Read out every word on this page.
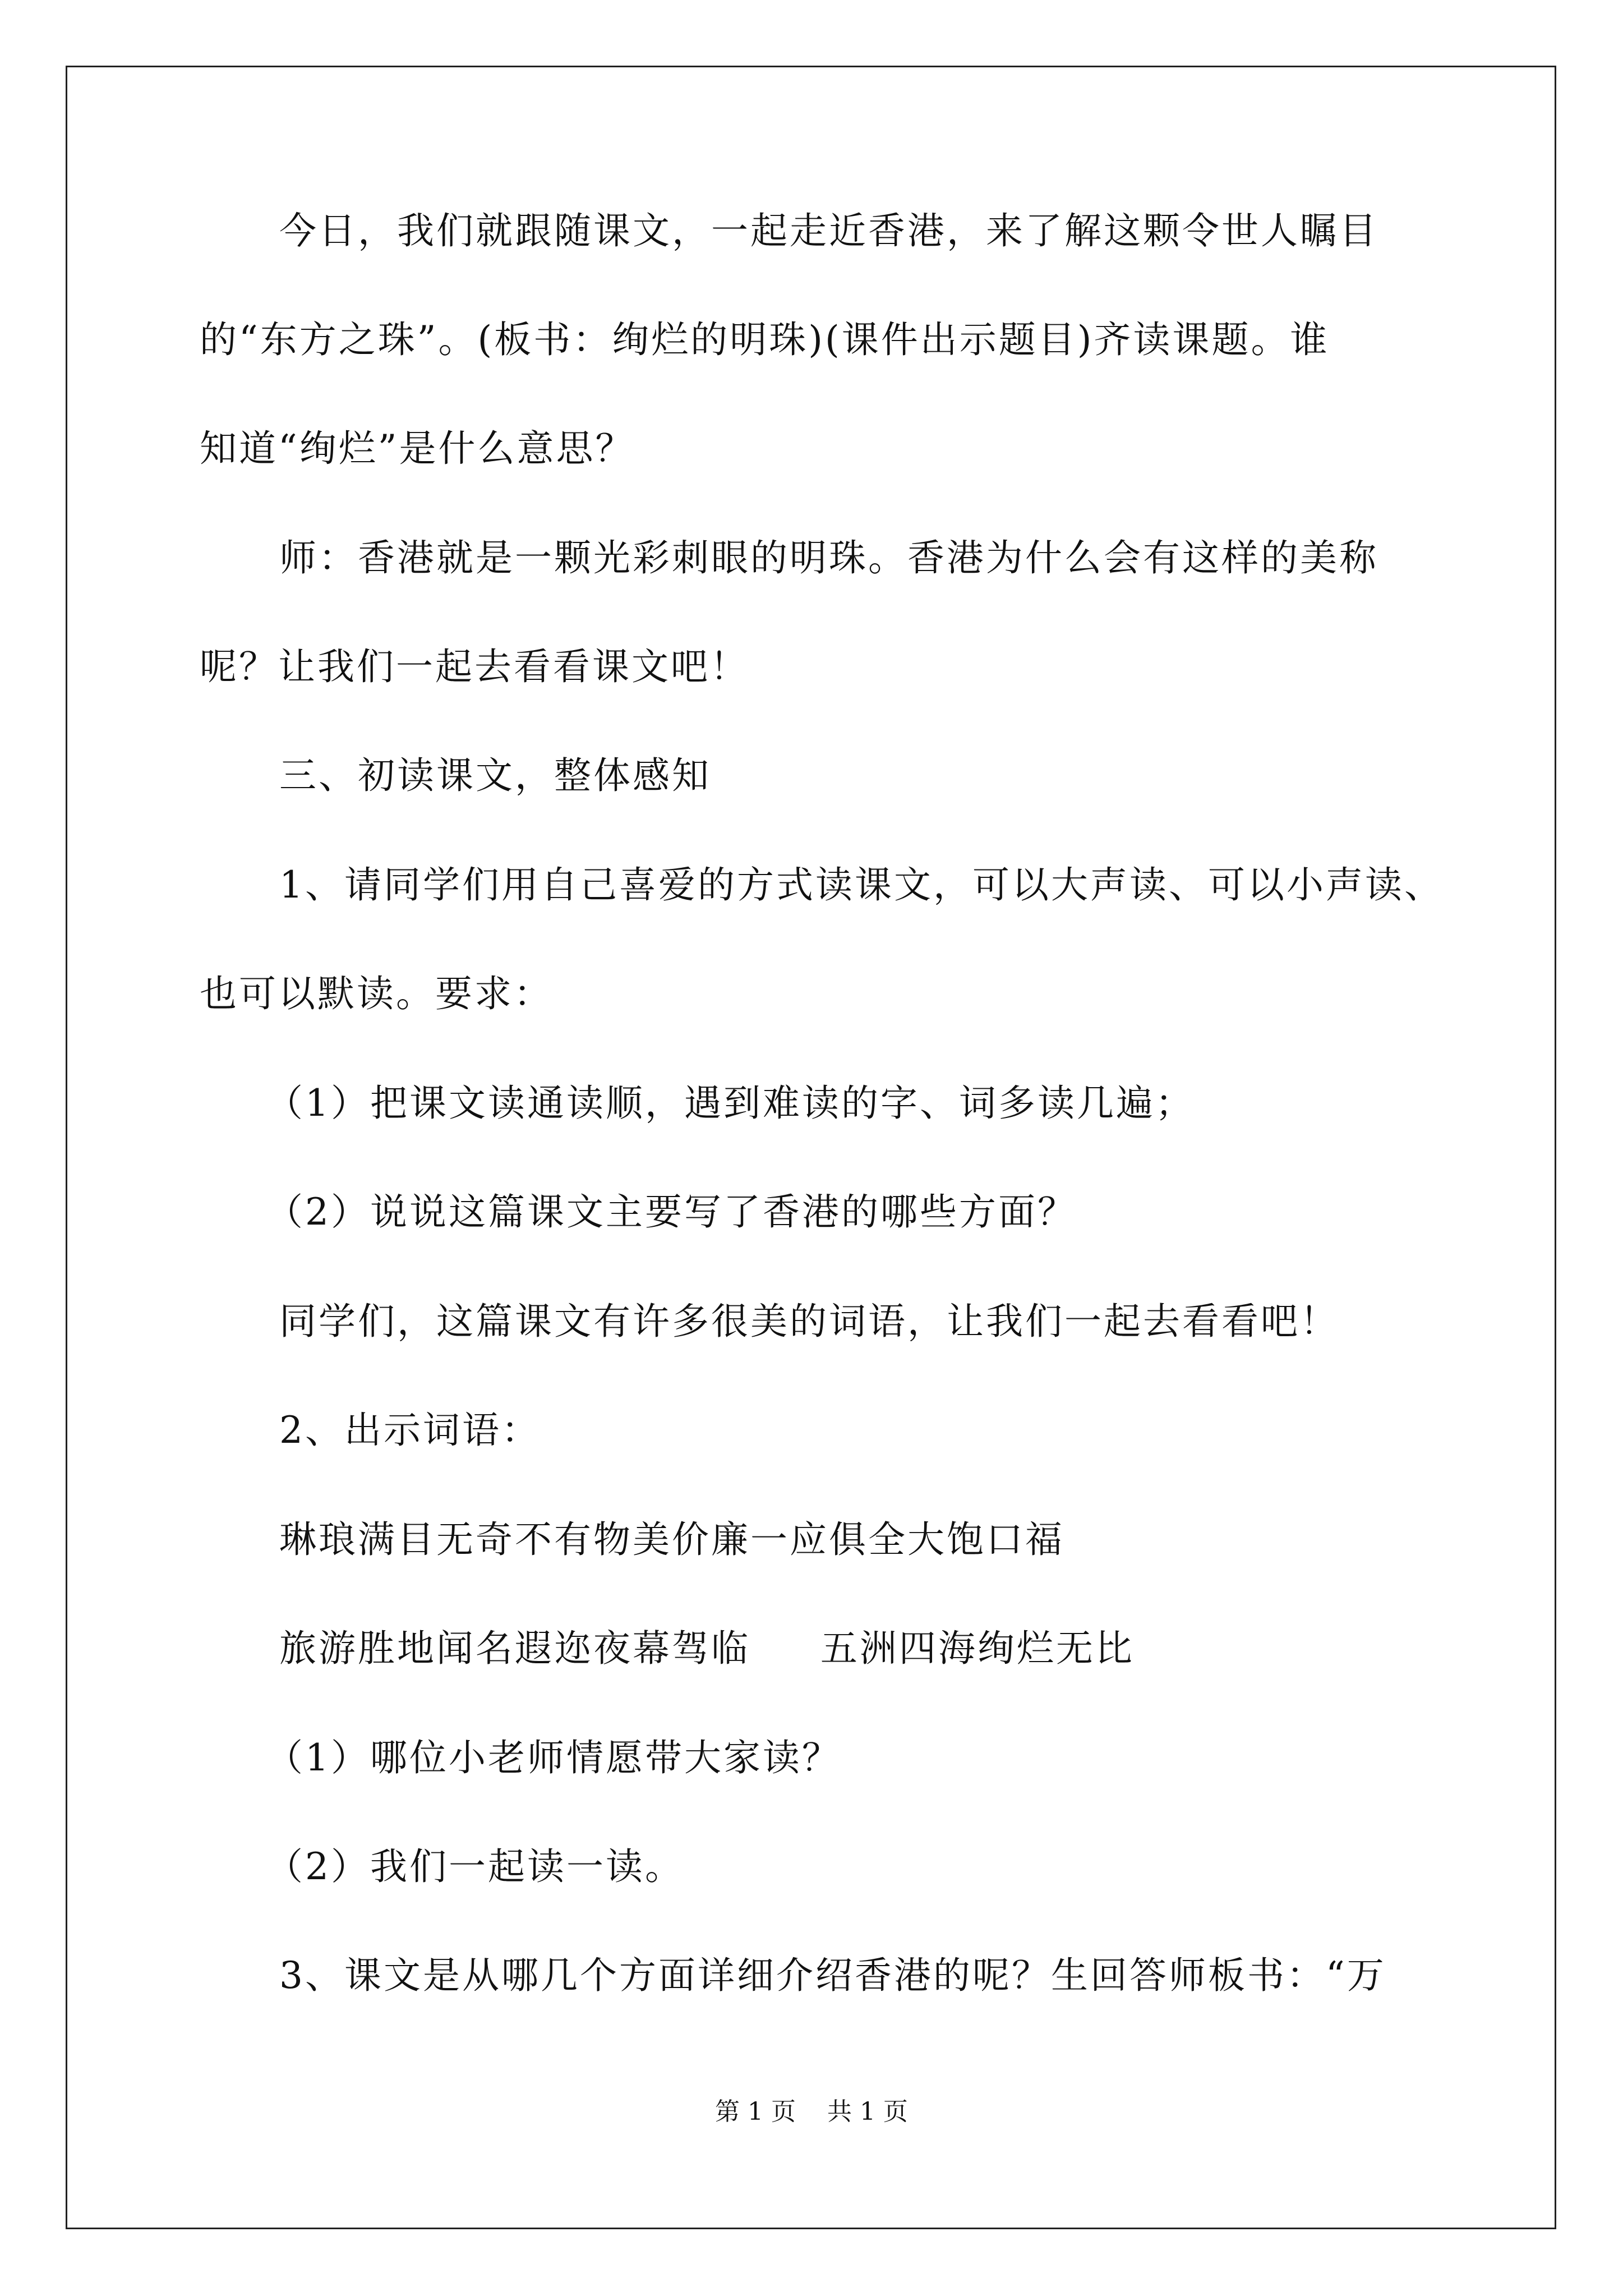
今日，我们就跟随课文，一起走近香港，来了解这颗令世人瞩目
的“东方之珠”。(板书：绚烂的明珠)(课件出示题目)齐读课题。谁
知道“绚烂”是什么意思？
师：香港就是一颗光彩刺眼的明珠。香港为什么会有这样的美称
呢？让我们一起去看看课文吧！
三、初读课文，整体感知
1、请同学们用自己喜爱的方式读课文，可以大声读、可以小声读、
也可以默读。要求：
（1）把课文读通读顺，遇到难读的字、词多读几遍；
（2）说说这篇课文主要写了香港的哪些方面？
同学们，这篇课文有许多很美的词语，让我们一起去看看吧！
2、出示词语：
琳琅满目无奇不有物美价廉一应俱全大饱口福
旅游胜地闻名遐迩夜幕驾临     五洲四海绚烂无比
（1）哪位小老师情愿带大家读？
（2）我们一起读一读。
3、课文是从哪几个方面详细介绍香港的呢？生回答师板书：“万
第 1 页    共 1 页
